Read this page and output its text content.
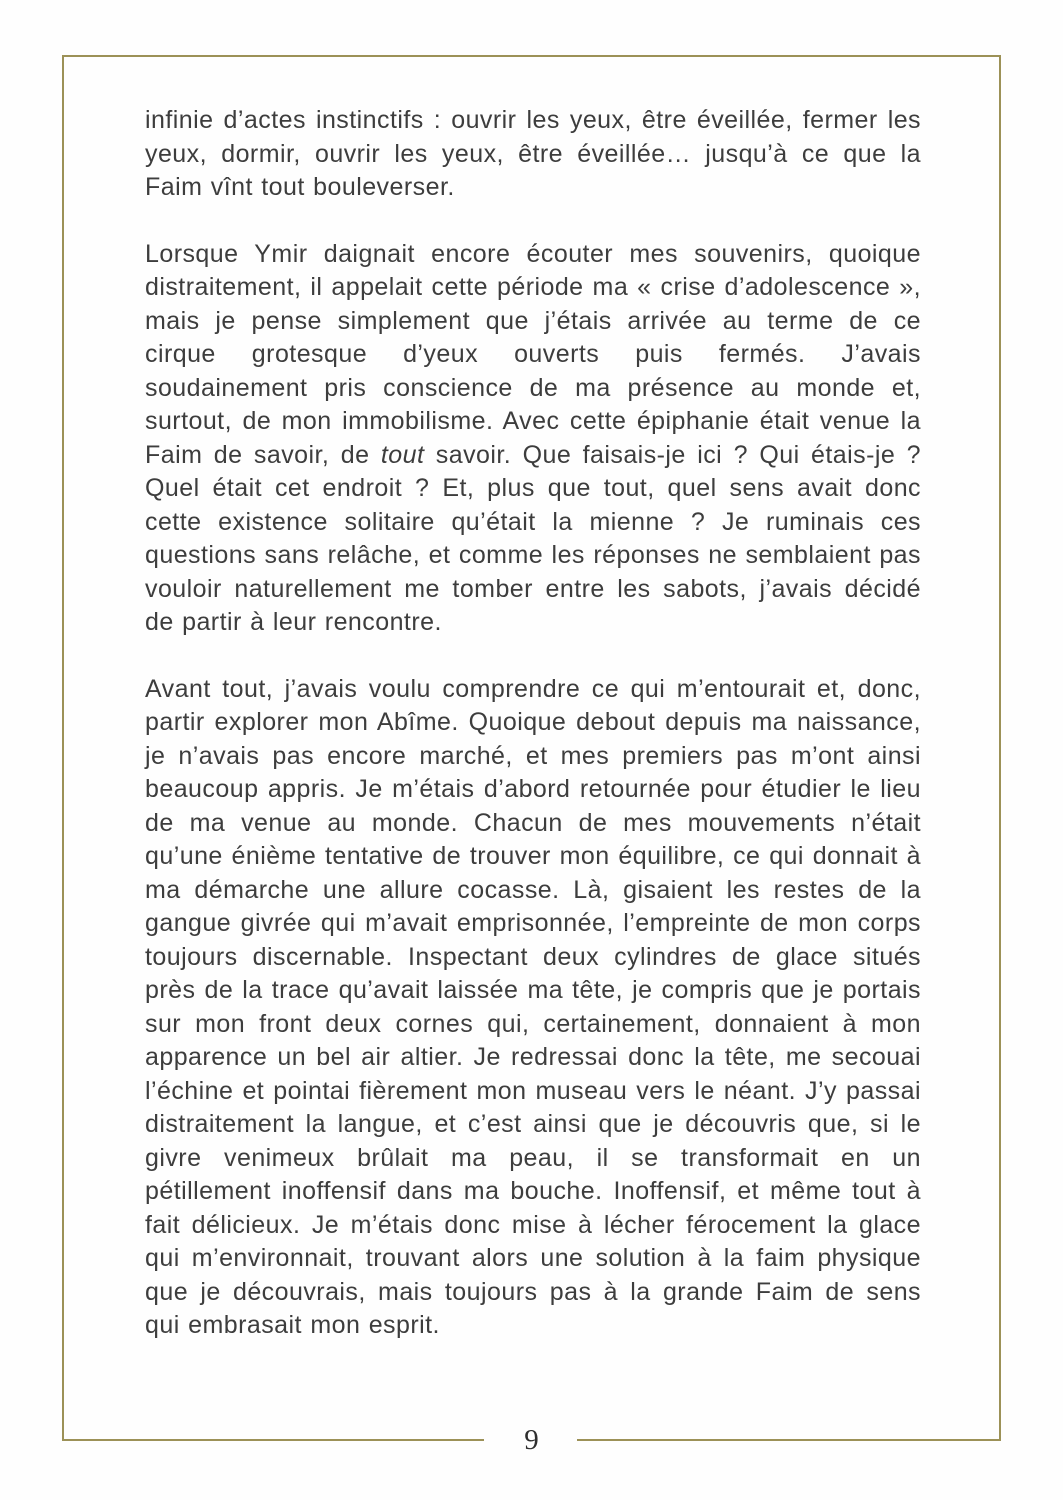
infinie d’actes instinctifs : ouvrir les yeux, être éveillée, fermer les yeux, dormir, ouvrir les yeux, être éveillée… jusqu’à ce que la Faim vînt tout bouleverser.

Lorsque Ymir daignait encore écouter mes souvenirs, quoique distraitement, il appelait cette période ma « crise d’adolescence », mais je pense simplement que j’étais arrivée au terme de ce cirque grotesque d’yeux ouverts puis fermés. J’avais soudainement pris conscience de ma présence au monde et, surtout, de mon immobilisme. Avec cette épiphanie était venue la Faim de savoir, de tout savoir. Que faisais-je ici ? Qui étais-je ? Quel était cet endroit ? Et, plus que tout, quel sens avait donc cette existence solitaire qu’était la mienne ? Je ruminais ces questions sans relâche, et comme les réponses ne semblaient pas vouloir naturellement me tomber entre les sabots, j’avais décidé de partir à leur rencontre.

Avant tout, j’avais voulu comprendre ce qui m’entourait et, donc, partir explorer mon Abîme. Quoique debout depuis ma naissance, je n’avais pas encore marché, et mes premiers pas m’ont ainsi beaucoup appris. Je m’étais d’abord retournée pour étudier le lieu de ma venue au monde. Chacun de mes mouvements n’était qu’une énième tentative de trouver mon équilibre, ce qui donnait à ma démarche une allure cocasse. Là, gisaient les restes de la gangue givrée qui m’avait emprisonnée, l’empreinte de mon corps toujours discernable. Inspectant deux cylindres de glace situés près de la trace qu’avait laissée ma tête, je compris que je portais sur mon front deux cornes qui, certainement, donnaient à mon apparence un bel air altier. Je redressai donc la tête, me secouai l’échine et pointai fièrement mon museau vers le néant. J’y passai distraitement la langue, et c’est ainsi que je découvris que, si le givre venimeux brûlait ma peau, il se transformait en un pétillement inoffensif dans ma bouche. Inoffensif, et même tout à fait délicieux. Je m’étais donc mise à lécher férocement la glace qui m’environnait, trouvant alors une solution à la faim physique que je découvrais, mais toujours pas à la grande Faim de sens qui embrasait mon esprit.

9
